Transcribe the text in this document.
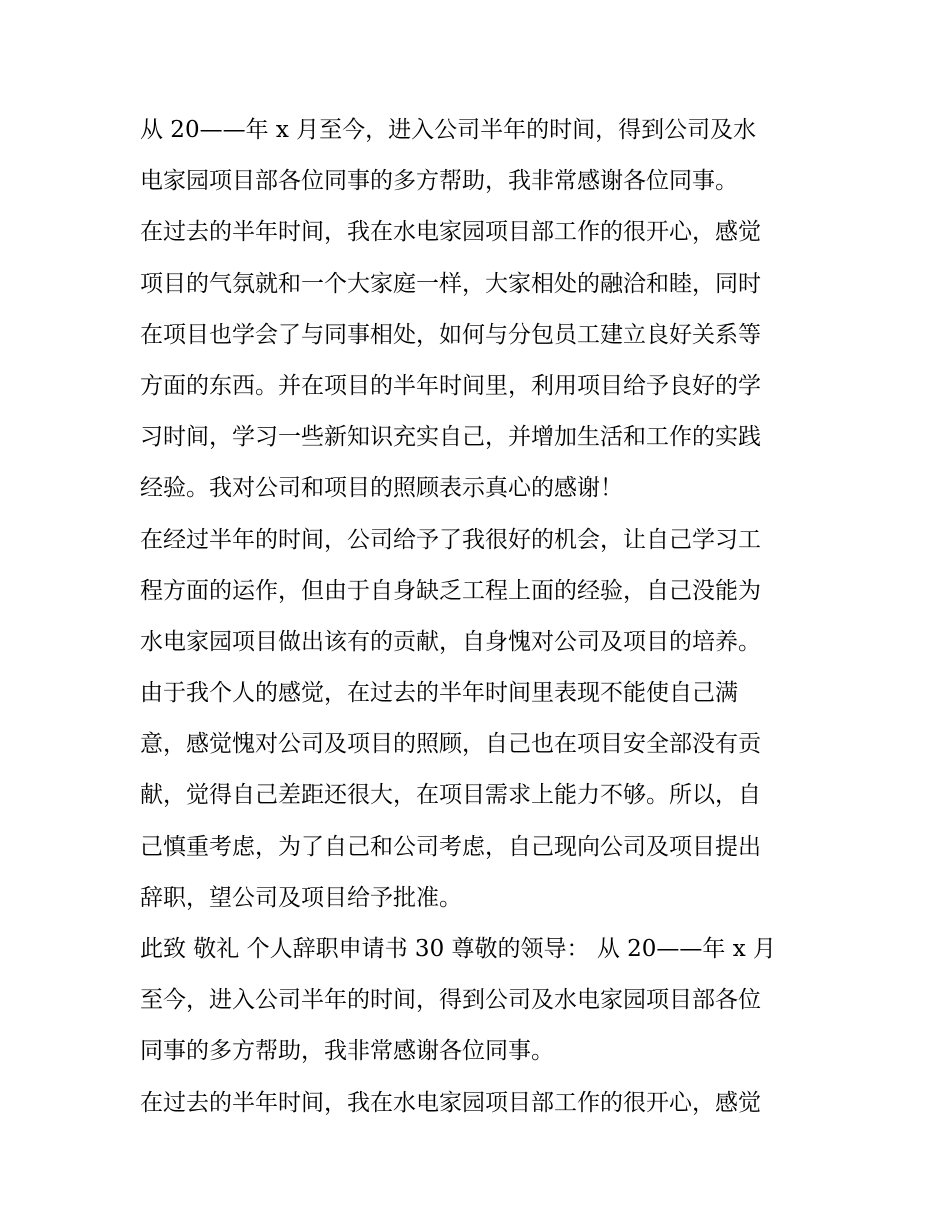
从 20——年 x 月至今，进入公司半年的时间，得到公司及水
电家园项目部各位同事的多方帮助，我非常感谢各位同事。
在过去的半年时间，我在水电家园项目部工作的很开心，感觉
项目的气氛就和一个大家庭一样，大家相处的融洽和睦，同时
在项目也学会了与同事相处，如何与分包员工建立良好关系等
方面的东西。并在项目的半年时间里，利用项目给予良好的学
习时间，学习一些新知识充实自己，并增加生活和工作的实践
经验。我对公司和项目的照顾表示真心的感谢！
在经过半年的时间，公司给予了我很好的机会，让自己学习工
程方面的运作，但由于自身缺乏工程上面的经验，自己没能为
水电家园项目做出该有的贡献，自身愧对公司及项目的培养。
由于我个人的感觉，在过去的半年时间里表现不能使自己满
意，感觉愧对公司及项目的照顾，自己也在项目安全部没有贡
献，觉得自己差距还很大，在项目需求上能力不够。所以，自
己慎重考虑，为了自己和公司考虑，自己现向公司及项目提出
辞职，望公司及项目给予批准。
此致 敬礼 个人辞职申请书 30 尊敬的领导： 从 20——年 x 月
至今，进入公司半年的时间，得到公司及水电家园项目部各位
同事的多方帮助，我非常感谢各位同事。
在过去的半年时间，我在水电家园项目部工作的很开心，感觉
